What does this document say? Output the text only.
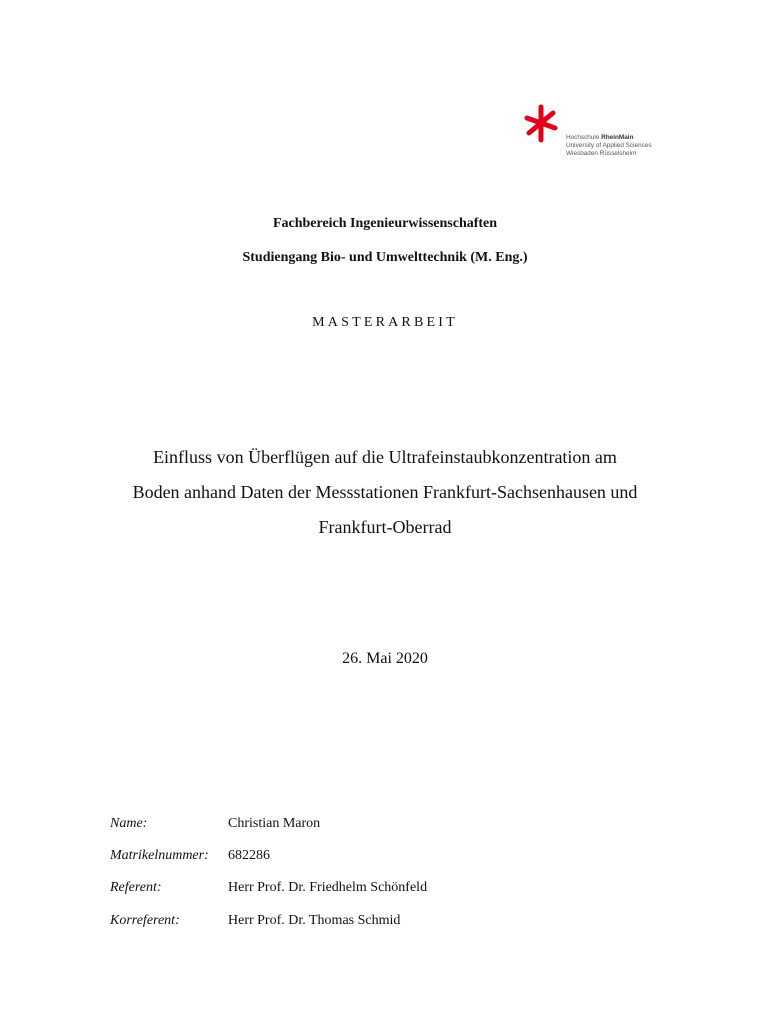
Hochschule RheinMain
University of Applied Sciences
Wiesbaden Rüsselsheim
Fachbereich Ingenieurwissenschaften
Studiengang Bio- und Umwelttechnik (M. Eng.)
MASTERARBEIT
Einfluss von Überflügen auf die Ultrafeinstaubkonzentration am
Boden anhand Daten der Messstationen Frankfurt-Sachsenhausen und
Frankfurt-Oberrad
26. Mai 2020
Name:	Christian Maron
Matrikelnummer: 682286
Referent:	Herr Prof. Dr. Friedhelm Schönfeld
Korreferent:	Herr Prof. Dr. Thomas Schmid
